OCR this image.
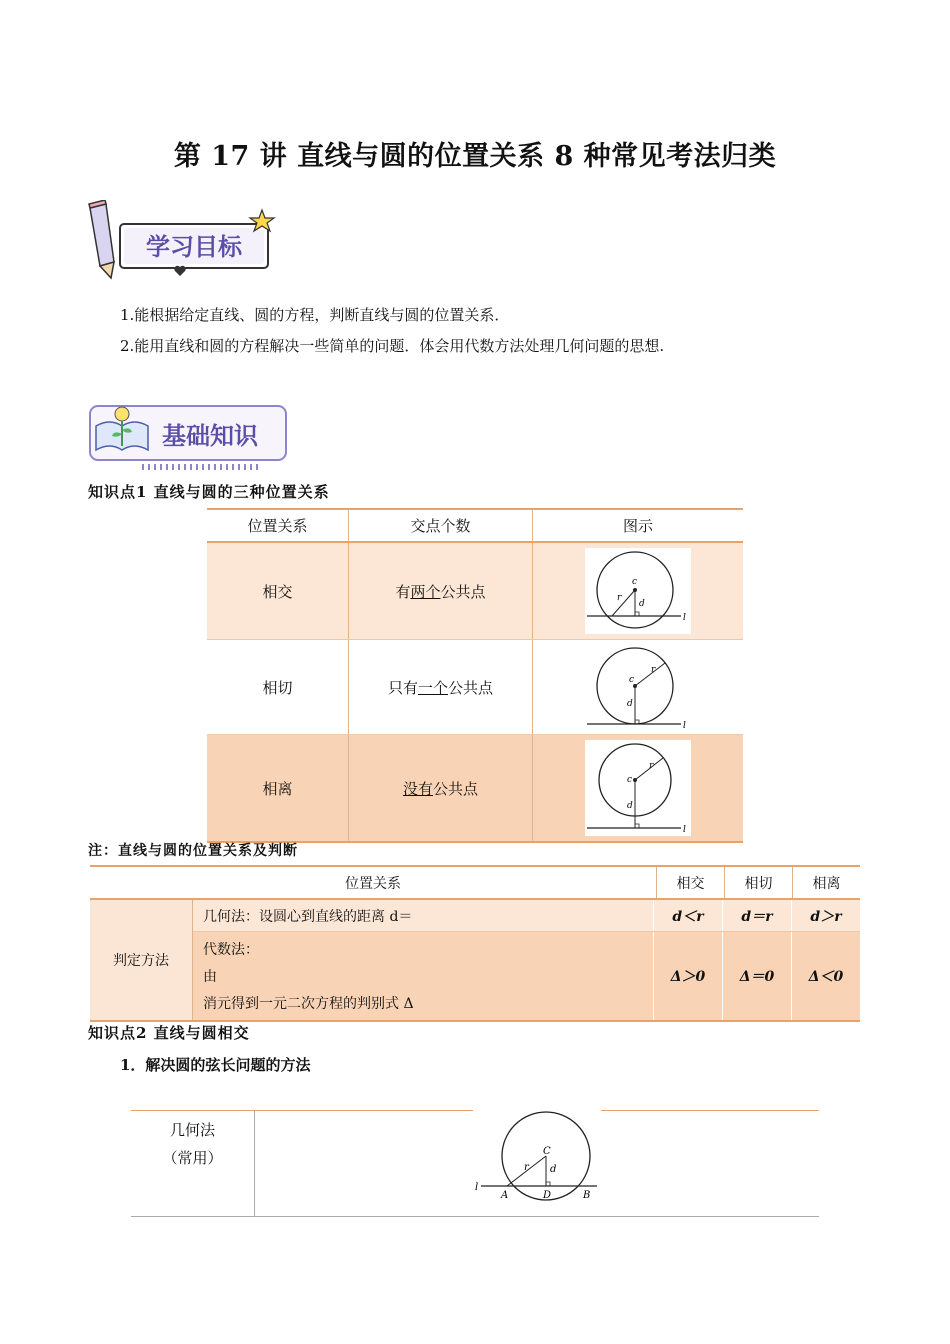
第 17 讲 直线与圆的位置关系 8 种常见考法归类
学习目标
1.能根据给定直线、圆的方程，判断直线与圆的位置关系．
2.能用直线和圆的方程解决一些简单的问题．体会用代数方法处理几何问题的思想.
基础知识
知识点1 直线与圆的三种位置关系
位置关系	交点个数	图示
相交	有 两个 公共点
c
r
d
l
相切	只有 一个 公共点	c
r
d
l
相离	没有 公共点	c
r
d
l
注：直线与圆的位置关系及判断
位置关系	相交	相切	相离
判定方法
几何法：设圆心到直线的距离 d＝	d＜r	d＝r	d＞r
代数法：
由
消元得到一元二次方程的判别式 Δ
Δ＞0	Δ＝0	Δ＜0
知识点2 直线与圆相交
1．解决圆的弦长问题的方法
几何法
（常用）	C
r d
l
A	D	B
